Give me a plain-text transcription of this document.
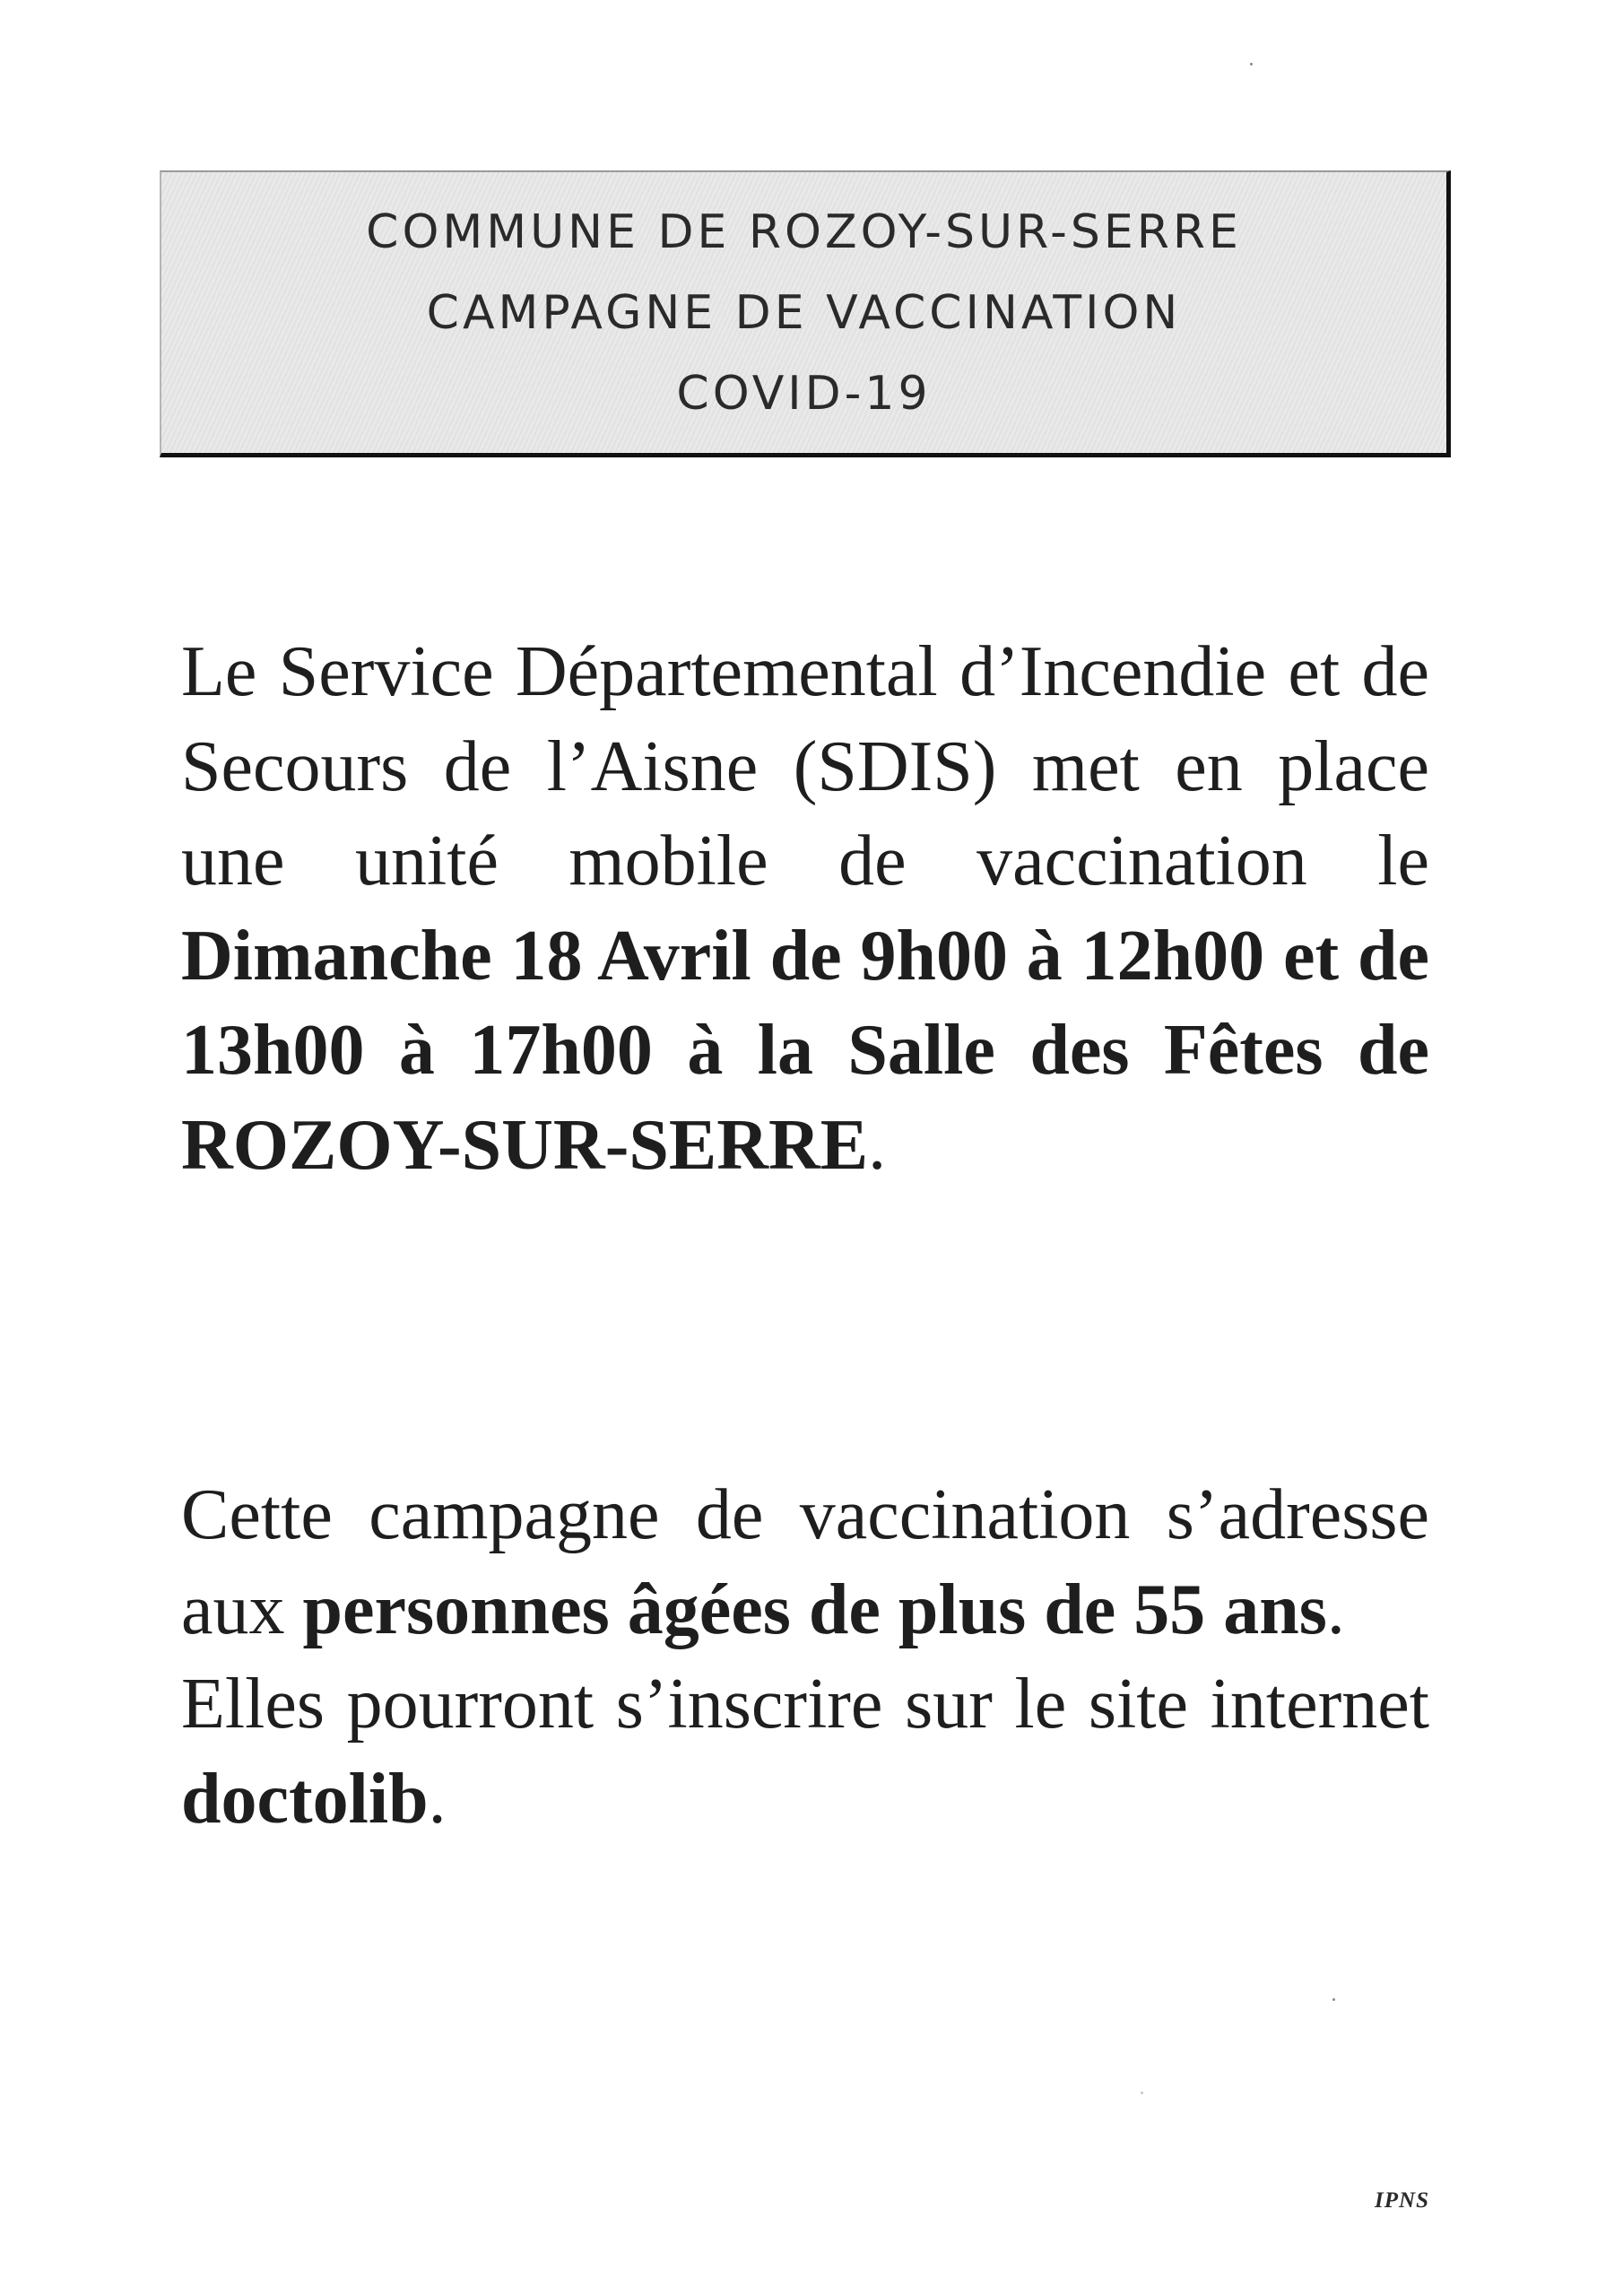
COMMUNE DE ROZOY-SUR-SERRE
CAMPAGNE DE VACCINATION
COVID-19

Le Service Départemental d’Incendie et de Secours de l’Aisne (SDIS) met en place une unité mobile de vaccination le Dimanche 18 Avril de 9h00 à 12h00 et de 13h00 à 17h00 à la Salle des Fêtes de ROZOY-SUR-SERRE.

Cette campagne de vaccination s’adresse aux personnes âgées de plus de 55 ans.

Elles pourront s’inscrire sur le site internet doctolib.

IPNS
